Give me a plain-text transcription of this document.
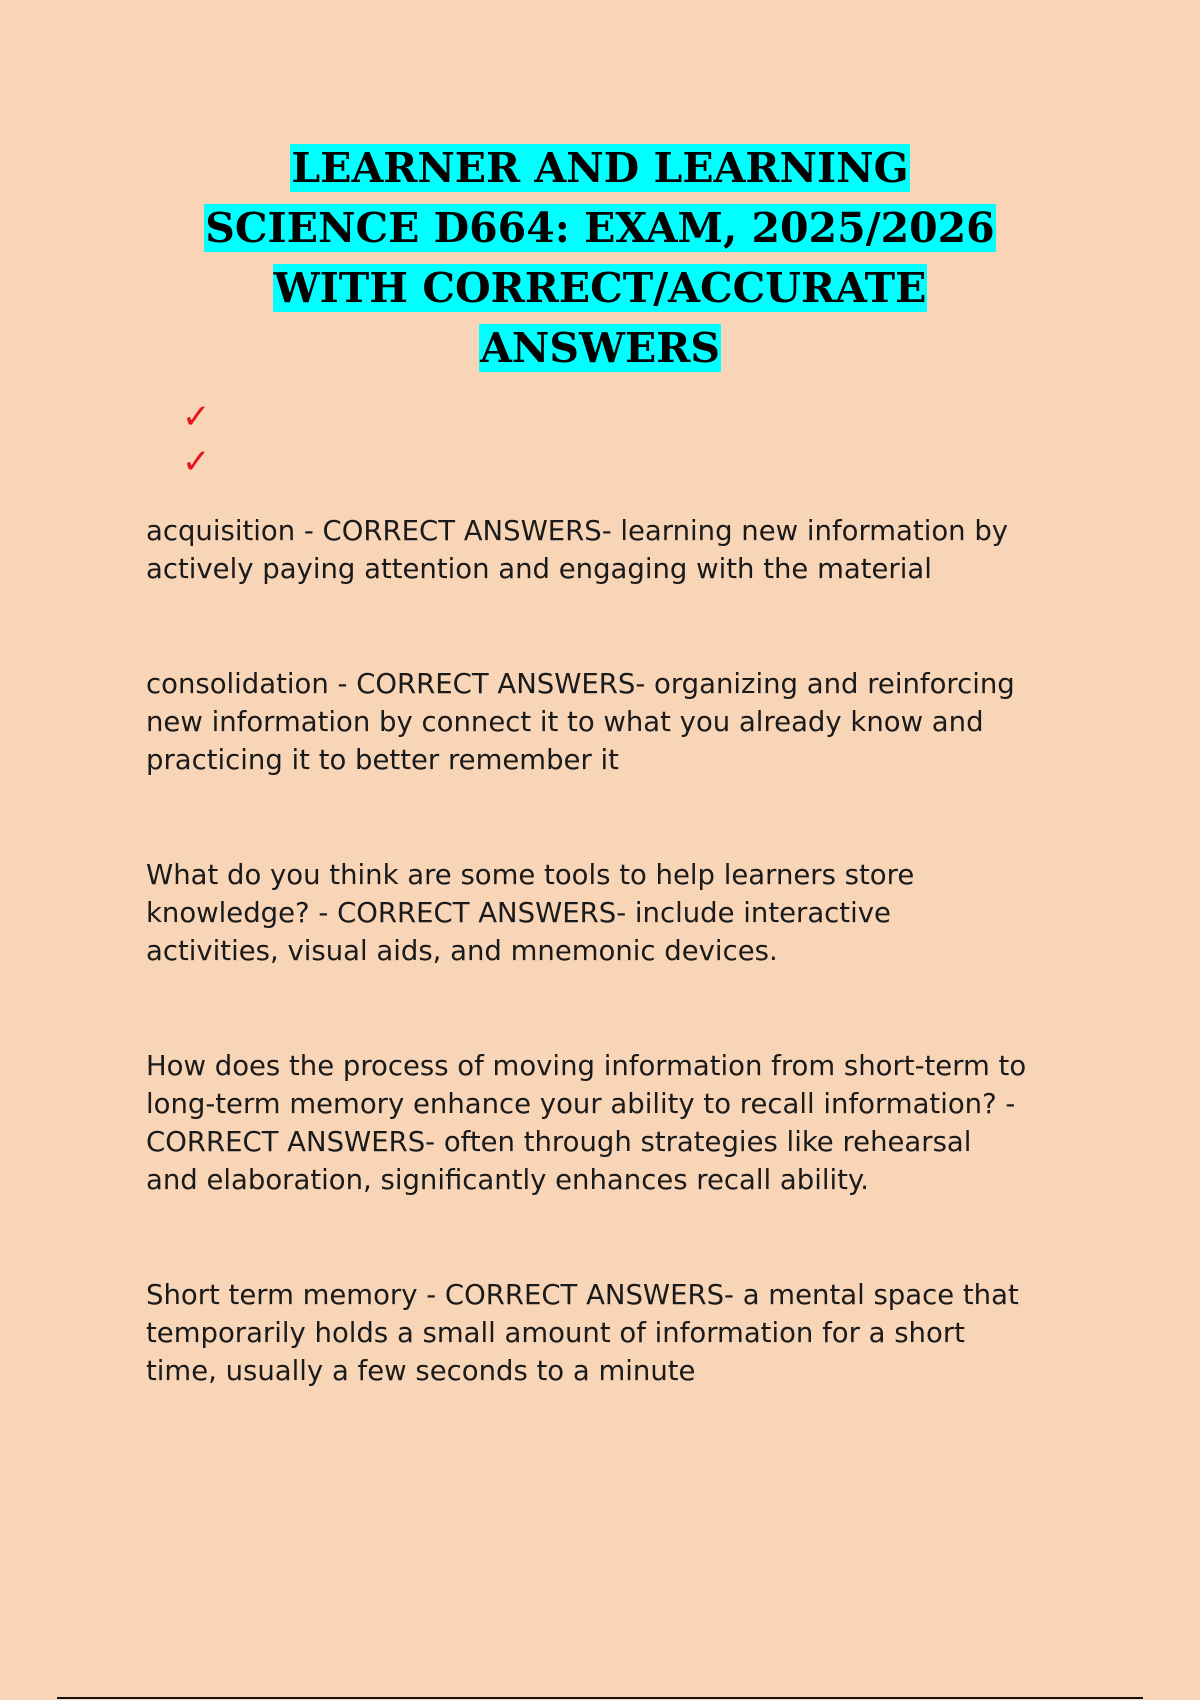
LEARNER AND LEARNING
SCIENCE D664: EXAM, 2025/2026
WITH CORRECT/ACCURATE
ANSWERS
✓
✓

acquisition - CORRECT ANSWERS- learning new information by
actively paying attention and engaging with the material

consolidation - CORRECT ANSWERS- organizing and reinforcing
new information by connect it to what you already know and
practicing it to better remember it

What do you think are some tools to help learners store
knowledge? - CORRECT ANSWERS- include interactive
activities, visual aids, and mnemonic devices.

How does the process of moving information from short-term to
long-term memory enhance your ability to recall information? -
CORRECT ANSWERS- often through strategies like rehearsal
and elaboration, significantly enhances recall ability.

Short term memory - CORRECT ANSWERS- a mental space that
temporarily holds a small amount of information for a short
time, usually a few seconds to a minute
